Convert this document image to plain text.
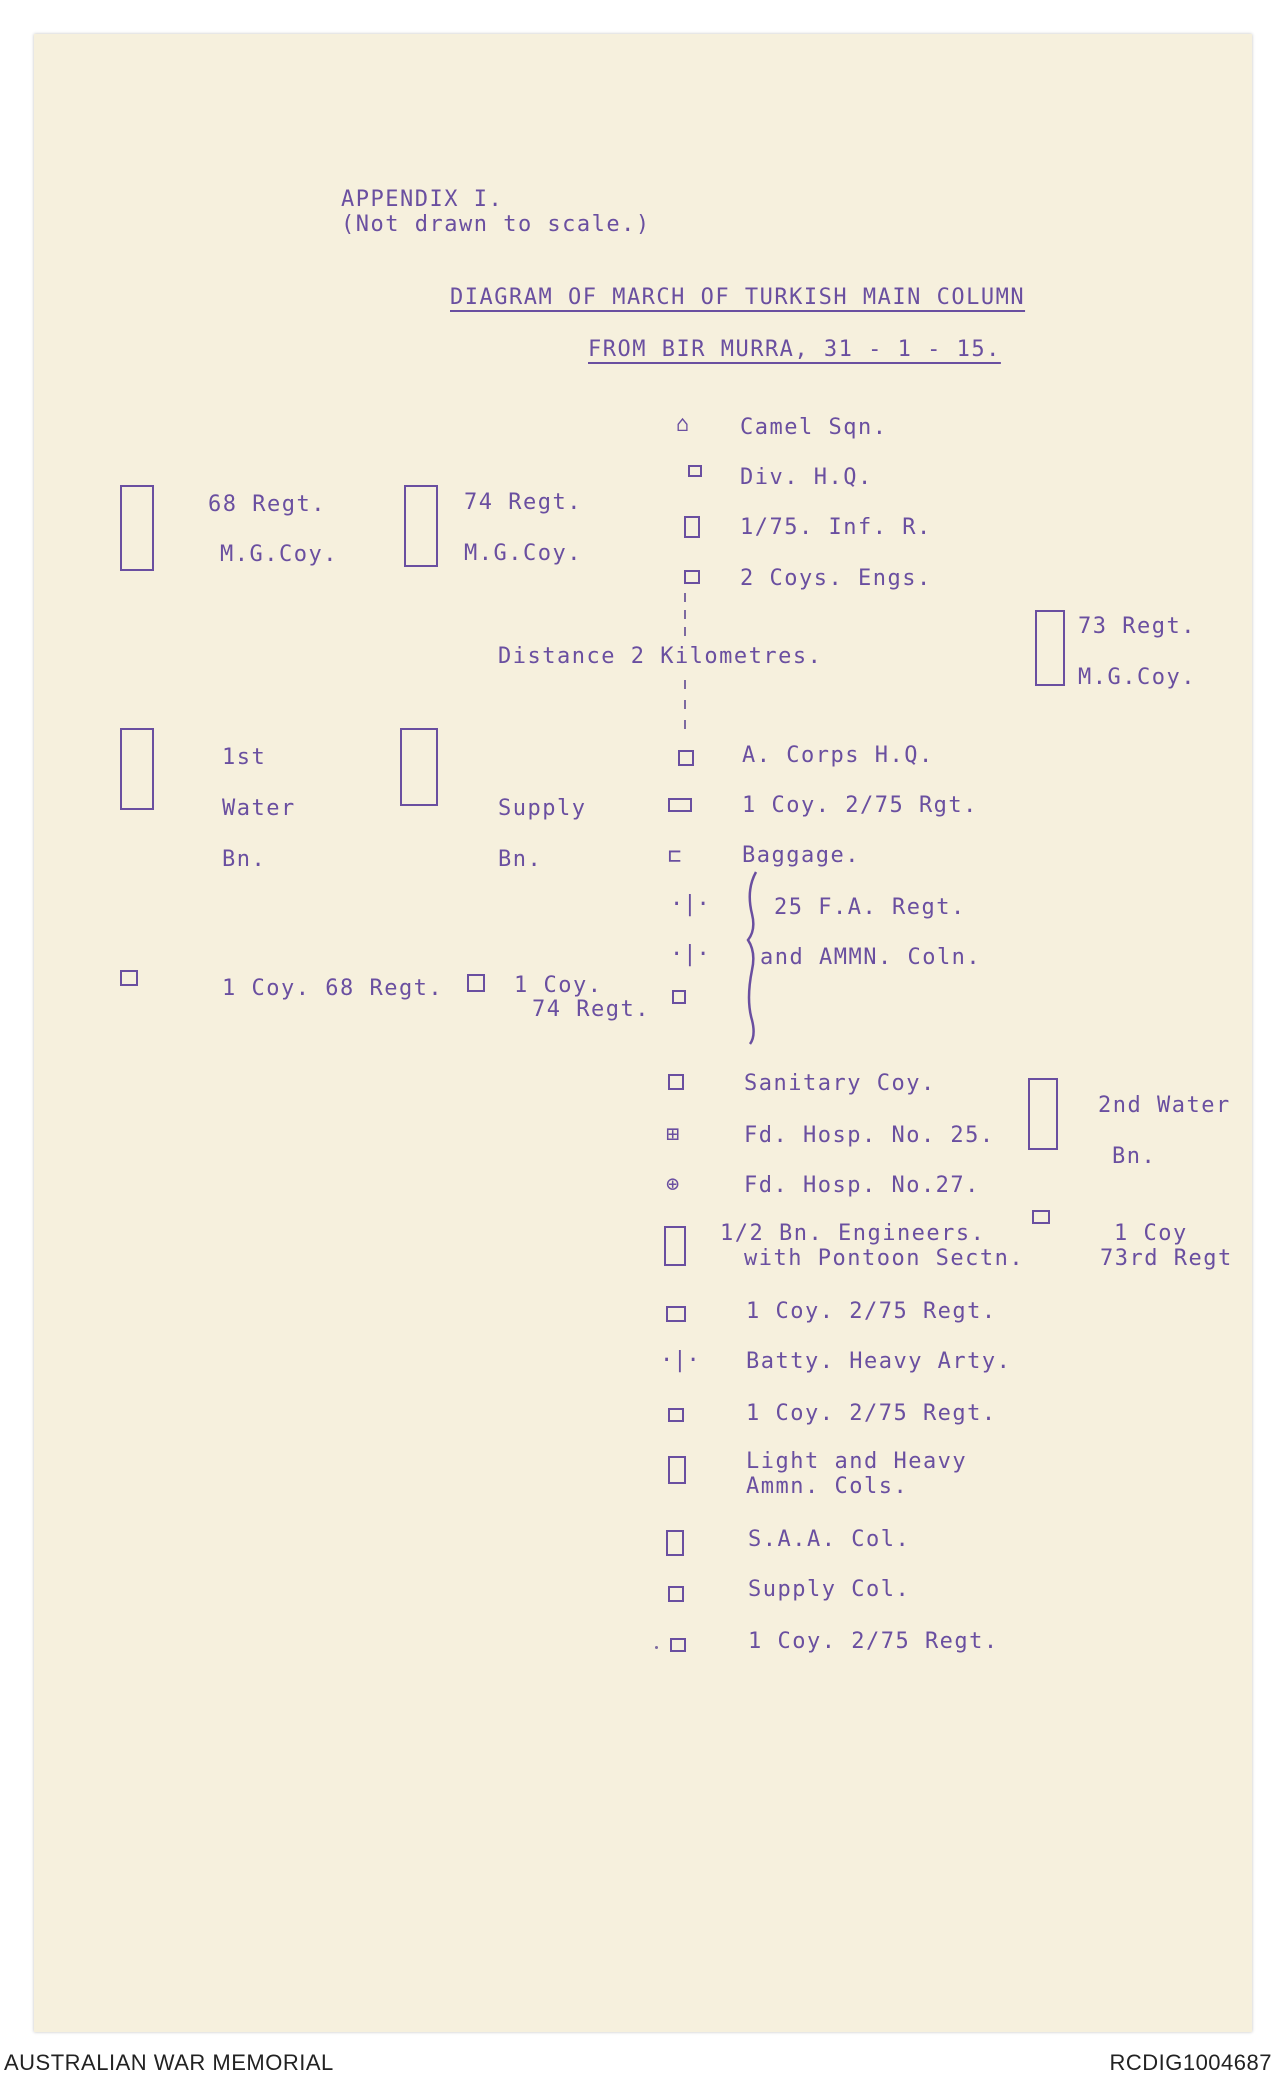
APPENDIX I.
(Not drawn to scale.)
DIAGRAM OF MARCH OF TURKISH MAIN COLUMN
FROM BIR MURRA, 31 - 1 - 15.
68 Regt.
M.G.Coy.
74 Regt.
M.G.Coy.
1st
Water
Bn.
Supply
Bn.
1 Coy. 68 Regt.	1 Coy.
74 Regt.
73 Regt.
M.G.Coy.
2nd Water
Bn.
1 Coy
73rd Regt
Distance 2 Kilometres.
⌂
⊏
·|·
·|·
⊞
⊕
·|·
Camel Sqn.
Div. H.Q.
1/75. Inf. R.
2 Coys. Engs.
A. Corps H.Q.
1 Coy. 2/75 Rgt.
Baggage.
25 F.A. Regt.
and AMMN. Coln.
Sanitary Coy.
Fd. Hosp. No. 25.
Fd. Hosp. No.27.
1/2 Bn. Engineers.
with Pontoon Sectn.
1 Coy. 2/75 Regt.
Batty. Heavy Arty.
1 Coy. 2/75 Regt.
Light and Heavy
Ammn. Cols.
S.A.A. Col.
Supply Col.
1 Coy. 2/75 Regt.
AUSTRALIAN WAR MEMORIAL	RCDIG1004687
